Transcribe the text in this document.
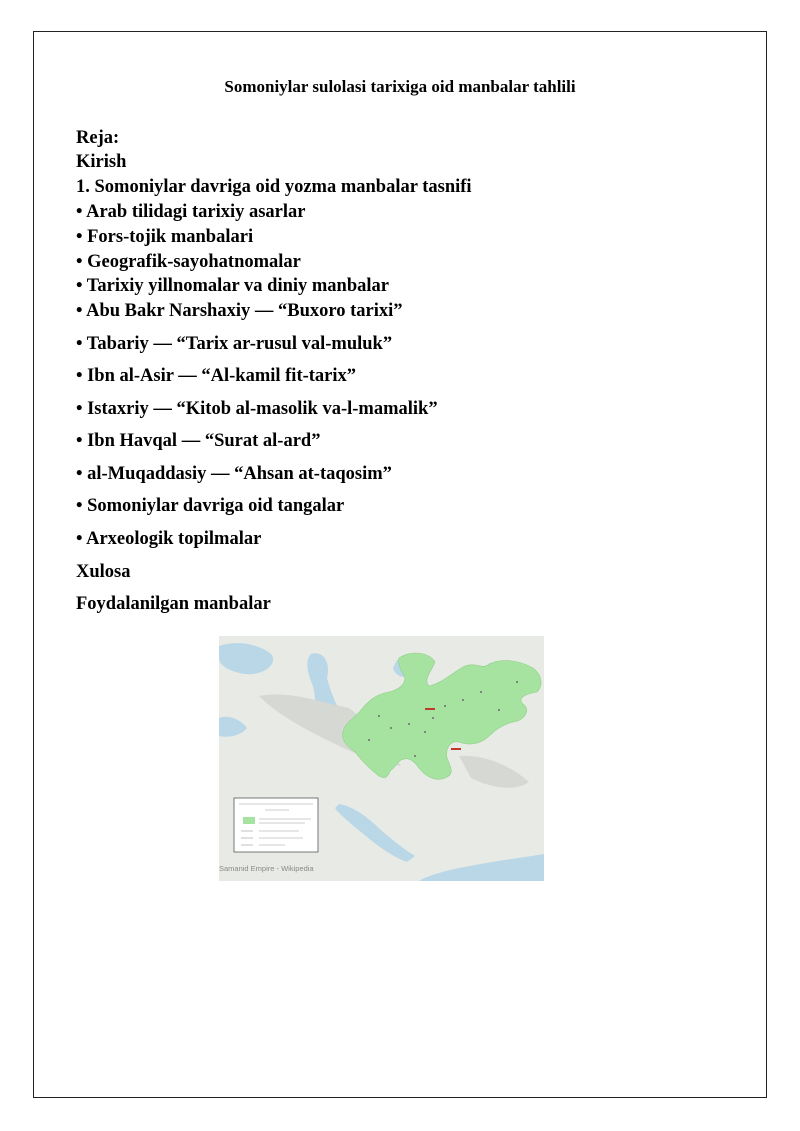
Somoniylar sulolasi tarixiga oid manbalar tahlili
Reja:
Kirish
1. Somoniylar davriga oid yozma manbalar tasnifi
• Arab tilidagi tarixiy asarlar
• Fors-tojik manbalari
• Geografik-sayohatnomalar
• Tarixiy yillnomalar va diniy manbalar
• Abu Bakr Narshaxiy — “Buxoro tarixi”
• Tabariy — “Tarix ar-rusul val-muluk”
• Ibn al-Asir — “Al-kamil fit-tarix”
• Istaxriy — “Kitob al-masolik va-l-mamalik”
• Ibn Havqal — “Surat al-ard”
• al-Muqaddasiy — “Ahsan at-taqosim”
• Somoniylar davriga oid tangalar
• Arxeologik topilmalar
Xulosa
Foydalanilgan manbalar
Samanid Empire - Wikipedia
